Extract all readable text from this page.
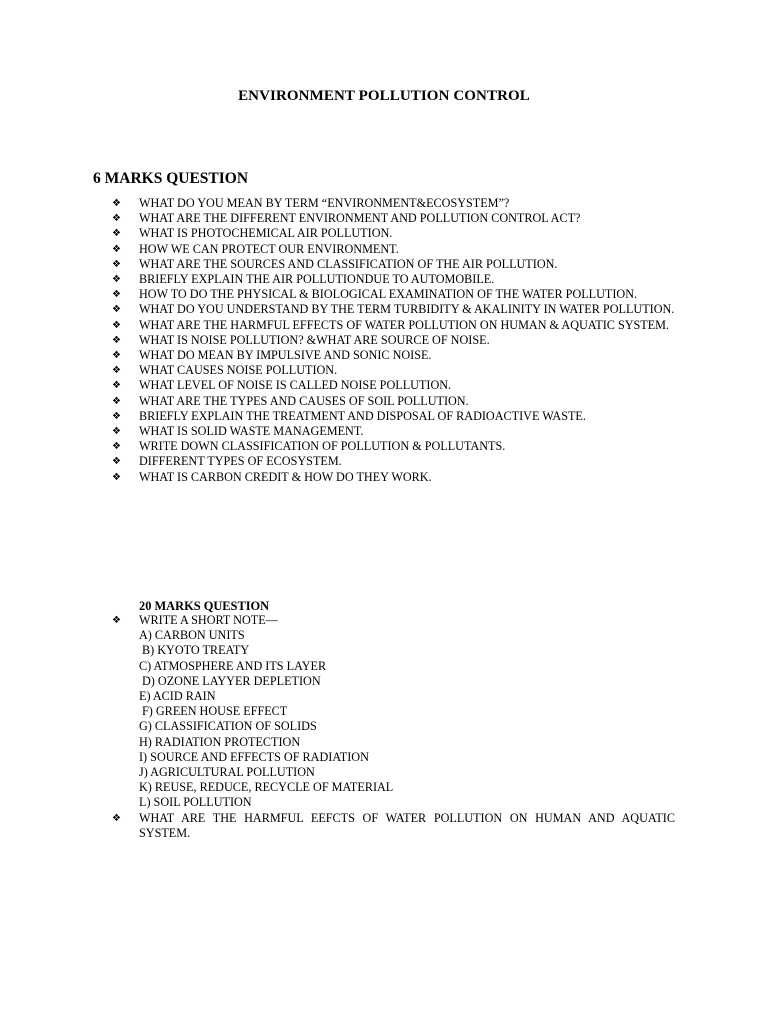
ENVIRONMENT POLLUTION CONTROL
6 MARKS QUESTION
❖	WHAT DO YOU MEAN BY TERM “ENVIRONMENT&ECOSYSTEM”?
❖	WHAT ARE THE DIFFERENT ENVIRONMENT AND POLLUTION CONTROL ACT?
❖	WHAT IS PHOTOCHEMICAL AIR POLLUTION.
❖	HOW WE CAN PROTECT OUR ENVIRONMENT.
❖	WHAT ARE THE SOURCES AND CLASSIFICATION OF THE AIR POLLUTION.
❖	BRIEFLY EXPLAIN THE AIR POLLUTIONDUE TO AUTOMOBILE.
❖	HOW TO DO THE PHYSICAL & BIOLOGICAL EXAMINATION OF THE WATER POLLUTION.
❖	WHAT DO YOU UNDERSTAND BY THE TERM TURBIDITY & AKALINITY IN WATER POLLUTION.
❖	WHAT ARE THE HARMFUL EFFECTS OF WATER POLLUTION ON HUMAN & AQUATIC SYSTEM.
❖	WHAT IS NOISE POLLUTION? &WHAT ARE SOURCE OF NOISE.
❖	WHAT DO MEAN BY IMPULSIVE AND SONIC NOISE.
❖	WHAT CAUSES NOISE POLLUTION.
❖	WHAT LEVEL OF NOISE IS CALLED NOISE POLLUTION.
❖	WHAT ARE THE TYPES AND CAUSES OF SOIL POLLUTION.
❖	BRIEFLY EXPLAIN THE TREATMENT AND DISPOSAL OF RADIOACTIVE WASTE.
❖	WHAT IS SOLID WASTE MANAGEMENT.
❖	WRITE DOWN CLASSIFICATION OF POLLUTION & POLLUTANTS.
❖	DIFFERENT TYPES OF ECOSYSTEM.
❖	WHAT IS CARBON CREDIT & HOW DO THEY WORK.
20 MARKS QUESTION
❖	WRITE A SHORT NOTE—
A) CARBON UNITS
B) KYOTO TREATY
C) ATMOSPHERE AND ITS LAYER
D) OZONE LAYYER DEPLETION
E) ACID RAIN
F) GREEN HOUSE EFFECT
G) CLASSIFICATION OF SOLIDS
H) RADIATION PROTECTION
I) SOURCE AND EFFECTS OF RADIATION
J) AGRICULTURAL POLLUTION
K) REUSE, REDUCE, RECYCLE OF MATERIAL
L) SOIL POLLUTION
❖	WHAT ARE THE HARMFUL EEFCTS OF WATER POLLUTION ON HUMAN AND AQUATIC SYSTEM.
